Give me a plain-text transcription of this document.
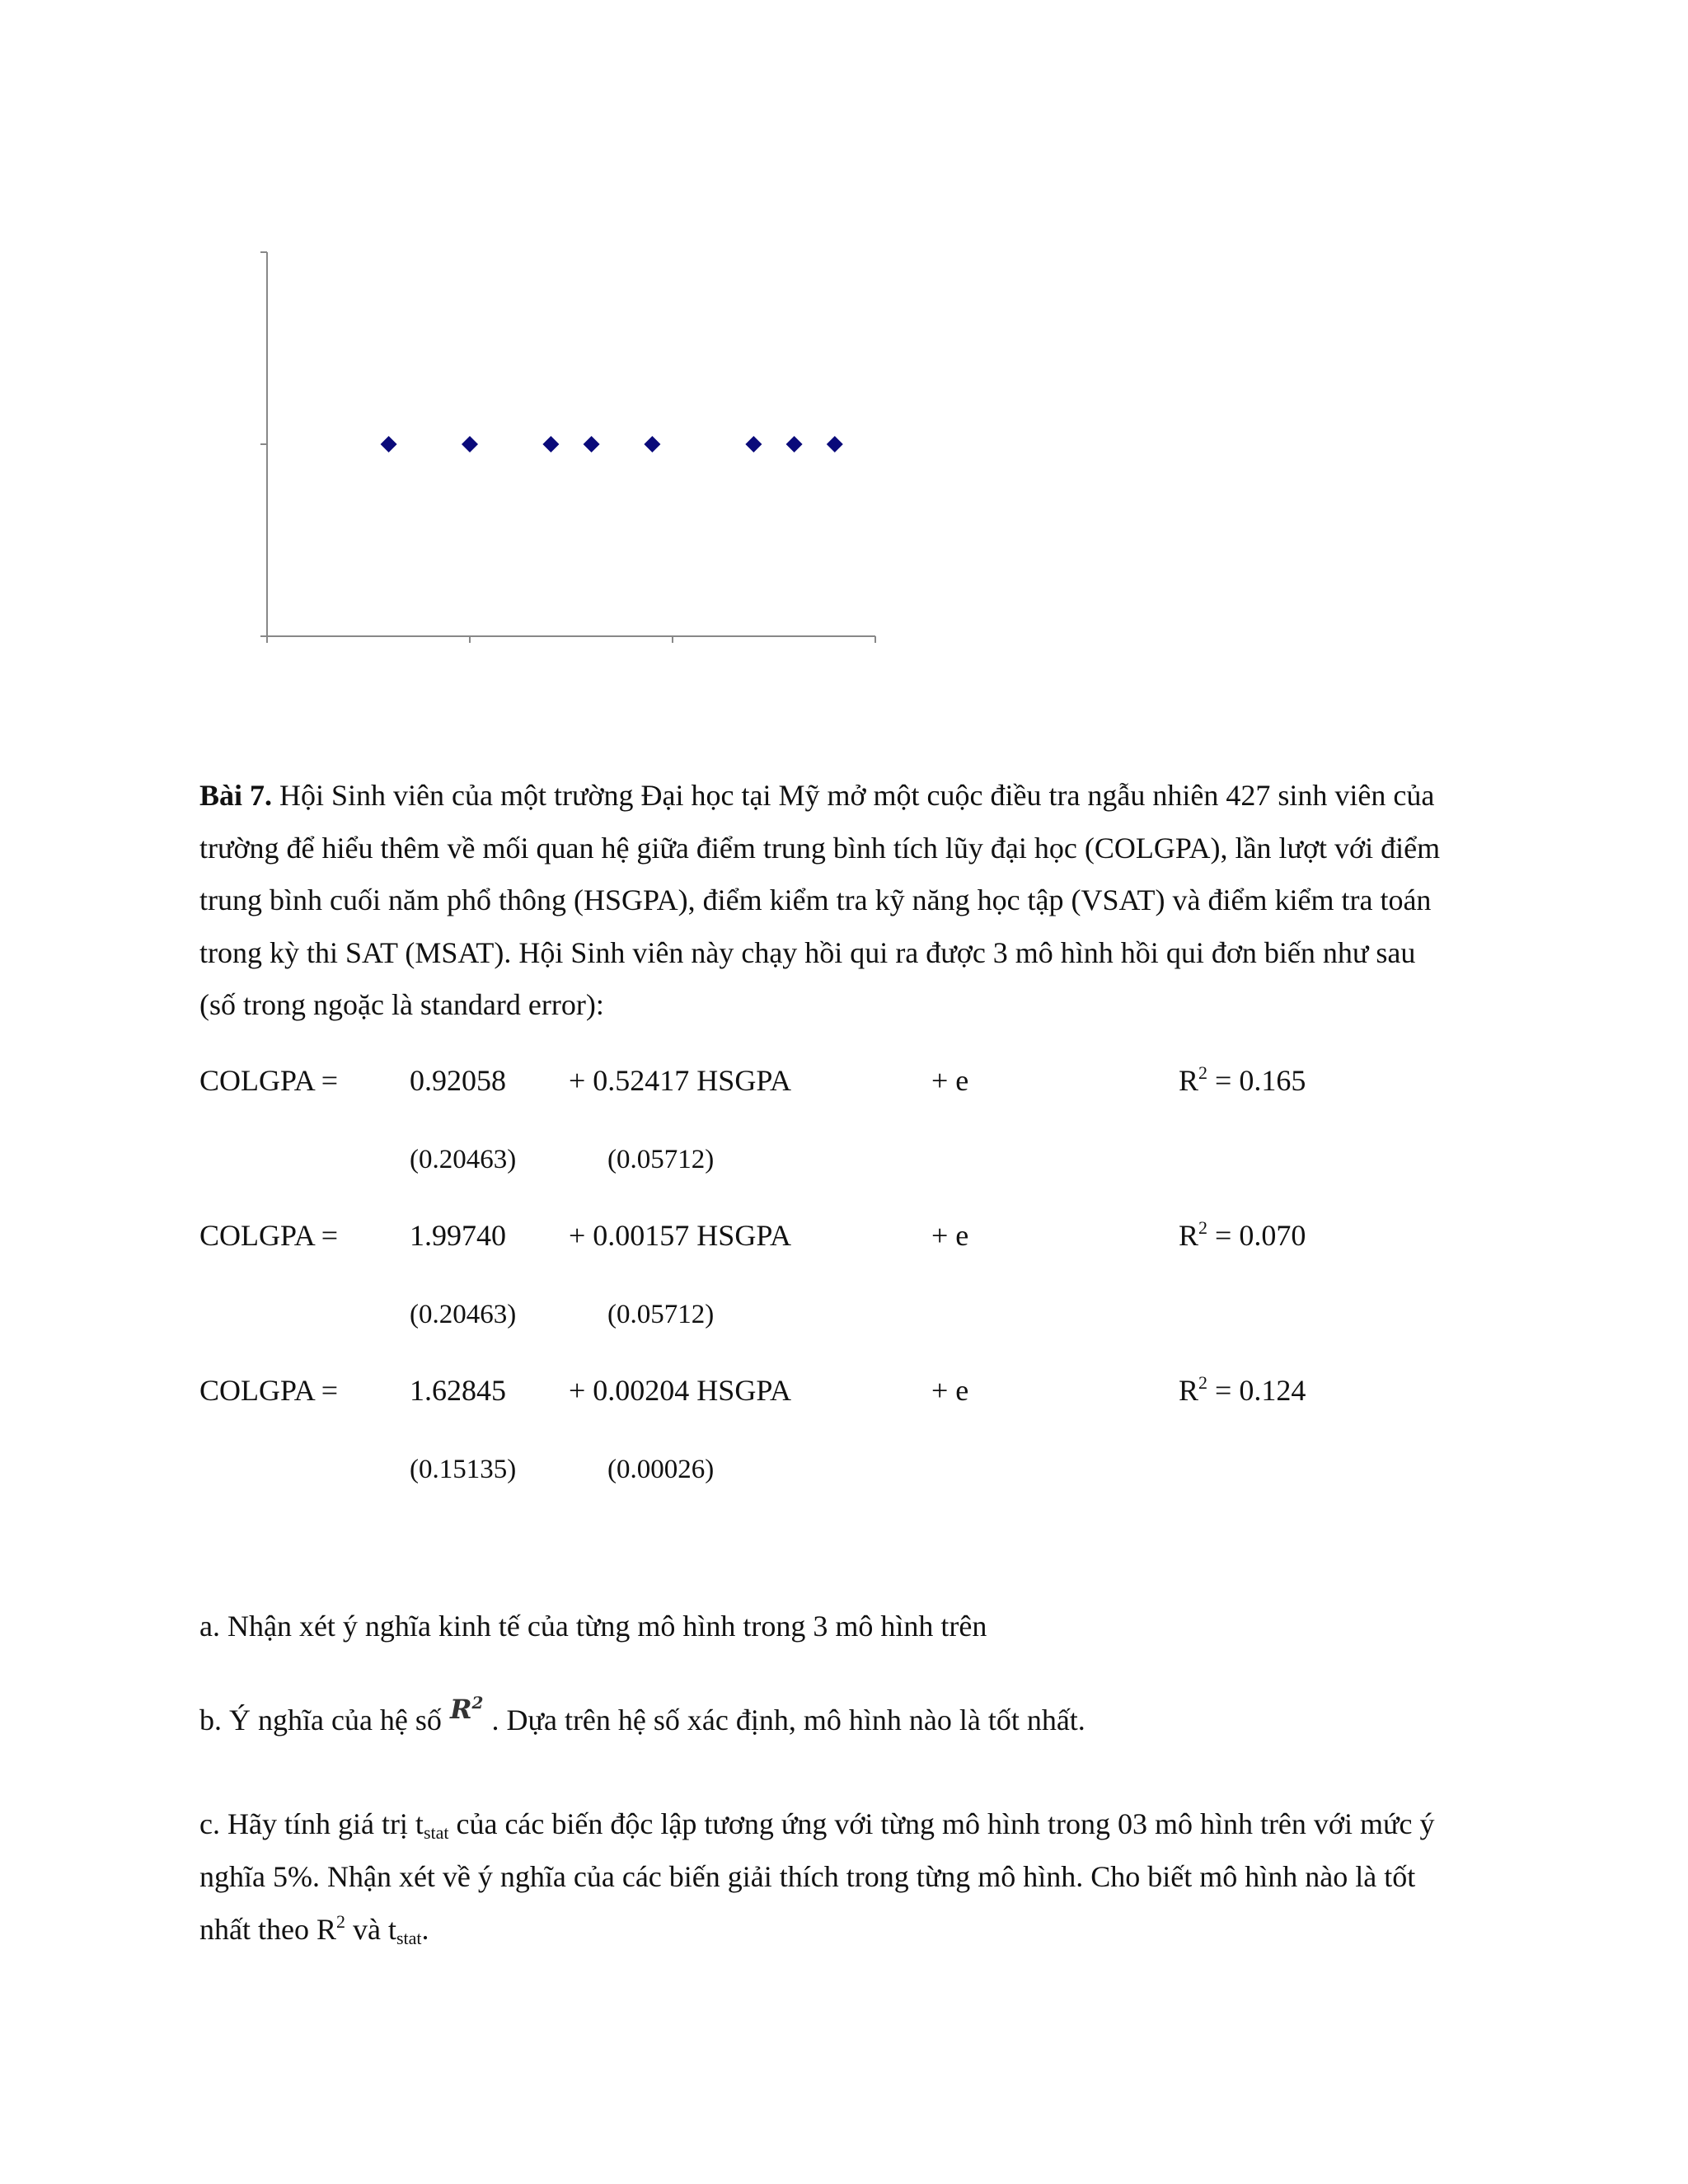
Bài 7. Hội Sinh viên của một trường Đại học tại Mỹ mở một cuộc điều tra ngẫu nhiên 427 sinh viên của
trường để hiểu thêm về mối quan hệ giữa điểm trung bình tích lũy đại học (COLGPA), lần lượt với điểm
trung bình cuối năm phổ thông (HSGPA), điểm kiểm tra kỹ năng học tập (VSAT) và điểm kiểm tra toán
trong kỳ thi SAT (MSAT). Hội Sinh viên này chạy hồi qui ra được 3 mô hình hồi qui đơn biến như sau
(số trong ngoặc là standard error):
COLGPA = 0.92058 + 0.52417 HSGPA	+ e	$R^2 = 0.165$
(0.20463)	(0.05712)
COLGPA = 1.99740 + 0.00157 HSGPA	+ e	$R^2 = 0.070$
(0.20463)	(0.05712)
COLGPA = 1.62845 + 0.00204 HSGPA	+ e	$R^2 = 0.124$
(0.15135)	(0.00026)
a. Nhận xét ý nghĩa kinh tế của từng mô hình trong 3 mô hình trên
b. Ý nghĩa của hệ số $R^2$. Dựa trên hệ số xác định, mô hình nào là tốt nhất.
c. Hãy tính giá trị $t_{stat}$ của các biến độc lập tương ứng với từng mô hình trong 03 mô hình trên với mức ý
nghĩa 5%. Nhận xét về ý nghĩa của các biến giải thích trong từng mô hình. Cho biết mô hình nào là tốt
nhất theo $R^2$ và $t_{stat}$.
